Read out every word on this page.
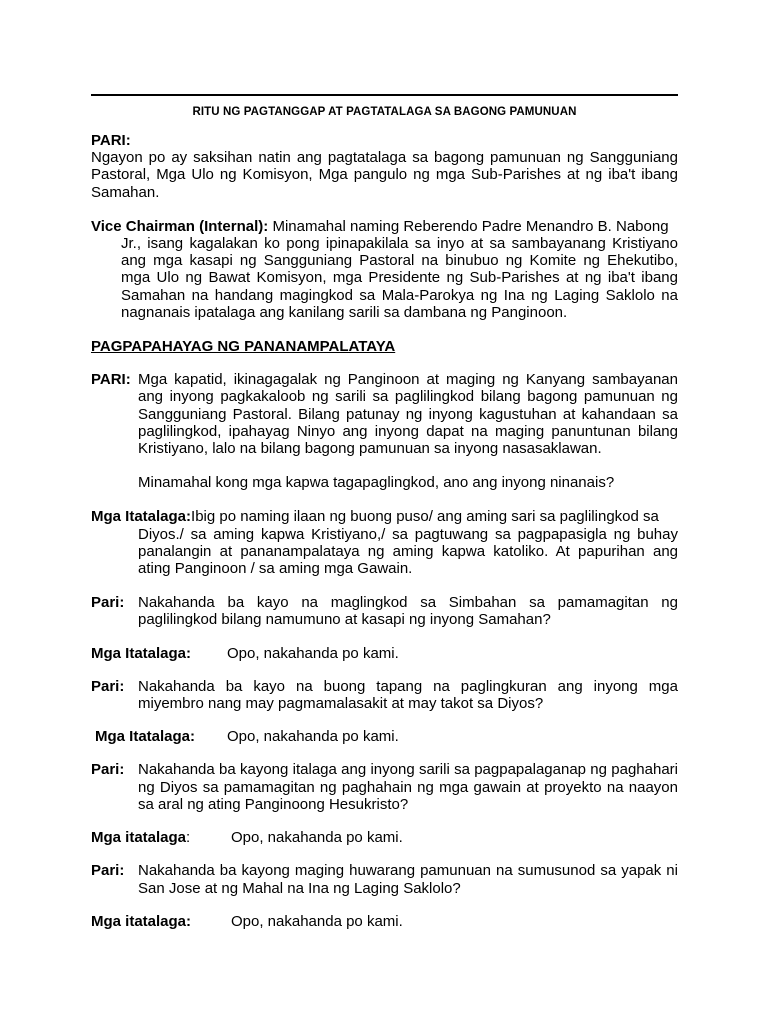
RITU NG PAGTANGGAP AT PAGTATALAGA SA BAGONG PAMUNUAN
PARI:
Ngayon po ay saksihan natin ang pagtatalaga sa bagong pamunuan ng Sangguniang Pastoral, Mga Ulo ng Komisyon, Mga pangulo ng mga Sub-Parishes at ng iba't ibang Samahan.
Vice Chairman (Internal): Minamahal naming Reberendo Padre Menandro B. Nabong
Jr., isang kagalakan ko pong ipinapakilala sa inyo at sa sambayanang Kristiyano ang mga kasapi ng Sangguniang Pastoral na binubuo ng Komite ng Ehekutibo, mga Ulo ng Bawat Komisyon, mga Presidente ng Sub-Parishes at ng iba't ibang Samahan na handang magingkod sa Mala-Parokya ng Ina ng Laging Saklolo na nagnanais ipatalaga ang kanilang sarili sa dambana ng Panginoon.
PAGPAPAHAYAG NG PANANAMPALATAYA
PARI: Mga kapatid, ikinagagalak ng Panginoon at maging ng Kanyang sambayanan ang inyong pagkakaloob ng sarili sa paglilingkod bilang bagong pamunuan ng Sangguniang Pastoral. Bilang patunay ng inyong kagustuhan at kahandaan sa paglilingkod, ipahayag Ninyo ang inyong dapat na maging panuntunan bilang Kristiyano, lalo na bilang bagong pamunuan sa inyong nasasaklawan.
Minamahal kong mga kapwa tagapaglingkod, ano ang inyong ninanais?
Mga Itatalaga:Ibig po naming ilaan ng buong puso/ ang aming sari sa paglilingkod sa
Diyos./ sa aming kapwa Kristiyano,/ sa pagtuwang sa pagpapasigla ng buhay panalangin at pananampalataya ng aming kapwa katoliko. At papurihan ang ating Panginoon / sa aming mga Gawain.
Pari: Nakahanda ba kayo na maglingkod sa Simbahan sa pamamagitan ng paglilingkod bilang namumuno at kasapi ng inyong Samahan?
Mga Itatalaga: Opo, nakahanda po kami.
Pari: Nakahanda ba kayo na buong tapang na paglingkuran ang inyong mga miyembro nang may pagmamalasakit at may takot sa Diyos?
Mga Itatalaga: Opo, nakahanda po kami.
Pari: Nakahanda ba kayong italaga ang inyong sarili sa pagpapalaganap ng paghahari ng Diyos sa pamamagitan ng paghahain ng mga gawain at proyekto na naayon sa aral ng ating Panginoong Hesukristo?
Mga itatalaga:	Opo, nakahanda po kami.
Pari: Nakahanda ba kayong maging huwarang pamunuan na sumusunod sa yapak ni San Jose at ng Mahal na Ina ng Laging Saklolo?
Mga itatalaga:	Opo, nakahanda po kami.
